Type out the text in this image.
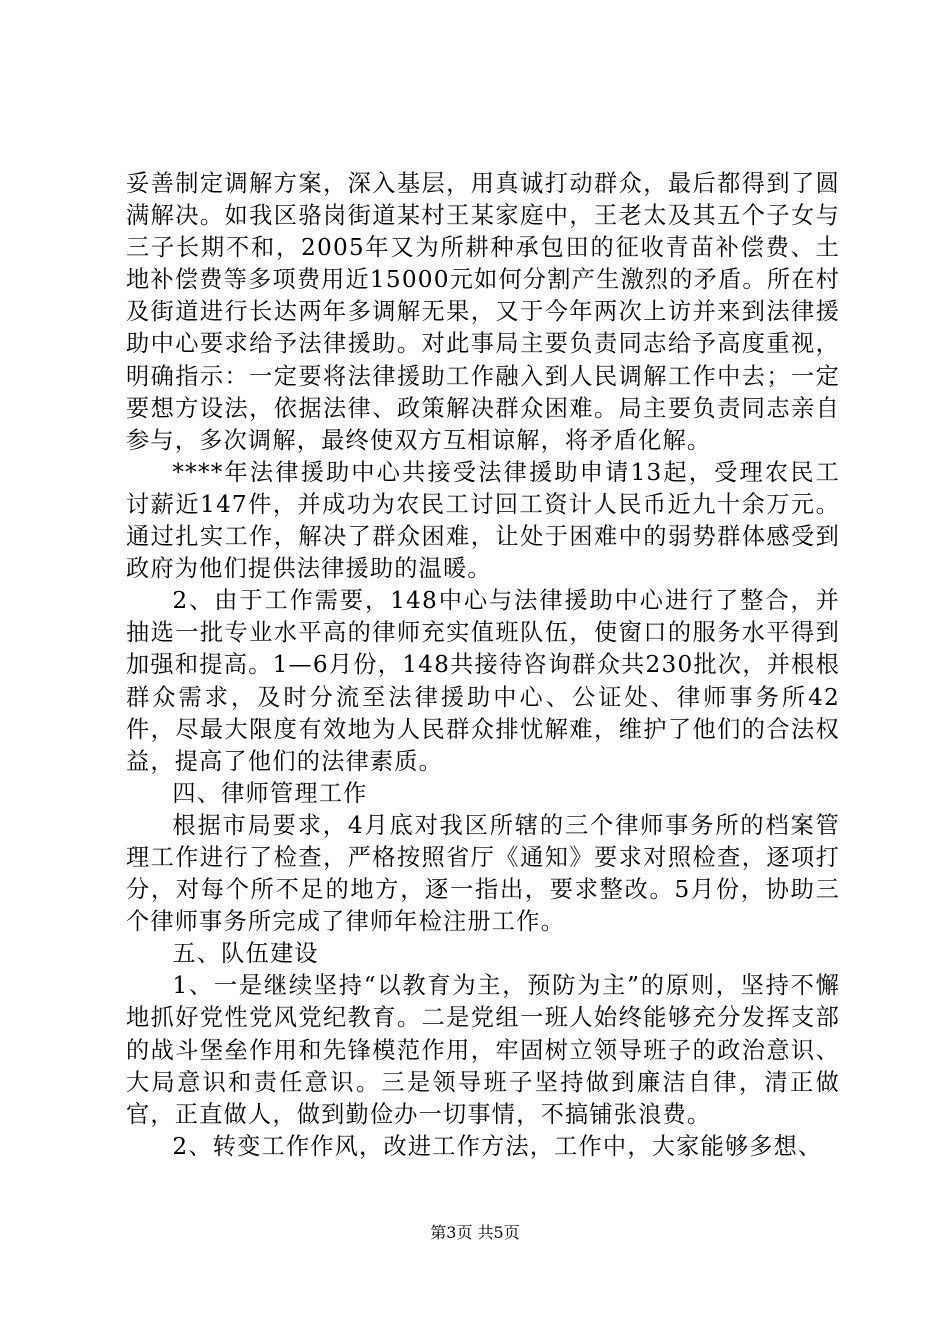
妥善制定调解方案，深入基层，用真诚打动群众，最后都得到了圆满解决。如我区骆岗街道某村王某家庭中，王老太及其五个子女与三子长期不和，2005年又为所耕种承包田的征收青苗补偿费、土地补偿费等多项费用近15000元如何分割产生激烈的矛盾。所在村及街道进行长达两年多调解无果，又于今年两次上访并来到法律援助中心要求给予法律援助。对此事局主要负责同志给予高度重视，明确指示：一定要将法律援助工作融入到人民调解工作中去；一定要想方设法，依据法律、政策解决群众困难。局主要负责同志亲自参与，多次调解，最终使双方互相谅解，将矛盾化解。

****年法律援助中心共接受法律援助申请13起，受理农民工讨薪近147件，并成功为农民工讨回工资计人民币近九十余万元。通过扎实工作，解决了群众困难，让处于困难中的弱势群体感受到政府为他们提供法律援助的温暖。

2、由于工作需要，148中心与法律援助中心进行了整合，并抽选一批专业水平高的律师充实值班队伍，使窗口的服务水平得到加强和提高。1—6月份，148共接待咨询群众共230批次，并根根群众需求，及时分流至法律援助中心、公证处、律师事务所42件，尽最大限度有效地为人民群众排忧解难，维护了他们的合法权益，提高了他们的法律素质。

四、律师管理工作

根据市局要求，4月底对我区所辖的三个律师事务所的档案管理工作进行了检查，严格按照省厅《通知》要求对照检查，逐项打分，对每个所不足的地方，逐一指出，要求整改。5月份，协助三个律师事务所完成了律师年检注册工作。

五、队伍建设

1、一是继续坚持“以教育为主，预防为主”的原则，坚持不懈地抓好党性党风党纪教育。二是党组一班人始终能够充分发挥支部的战斗堡垒作用和先锋模范作用，牢固树立领导班子的政治意识、大局意识和责任意识。三是领导班子坚持做到廉洁自律，清正做官，正直做人，做到勤俭办一切事情，不搞铺张浪费。

2、转变工作作风，改进工作方法，工作中，大家能够多想、

第3页 共5页
